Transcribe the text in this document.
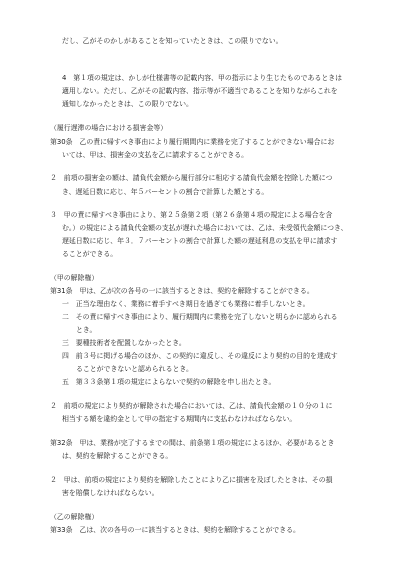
だし、乙がそのかしがあることを知っていたときは、この限りでない。
4　第１項の規定は、かしが仕様書等の記載内容、甲の指示により生じたものであるときは
適用しない。ただし、乙がその記載内容、指示等が不適当であることを知りながらこれを
通知しなかったときは、この限りでない。
（履行遅滞の場合における損害金等）
第30条　乙の責に帰すべき事由により履行期間内に業務を完了することができない場合にお
いては、甲は、損害金の支払を乙に請求することができる。
２　前項の損害金の額は、請負代金額から履行部分に相応する請負代金額を控除した額につ
き、遅延日数に応じ、年５パーセントの割合で計算した額とする。
３　甲の責に帰すべき事由により、第２５条第２項（第２６条第４項の規定による場合を含
む。）の規定による請負代金額の支払が遅れた場合においては、乙は、未受領代金額につき、
遅延日数に応じ、年３．７パーセントの割合で計算した額の遅延利息の支払を甲に請求す
ることができる。
（甲の解除権）
第31条　甲は、乙が次の各号の一に該当するときは、契約を解除することができる。
一　正当な理由なく、業務に着手すべき期日を過ぎても業務に着手しないとき。
二　その責に帰すべき事由により、履行期間内に業務を完了しないと明らかに認められる
とき。
三　要種技術者を配置しなかったとき。
四　前３号に掲げる場合のほか、この契約に違反し、その違反により契約の目的を達成す
ることができないと認められるとき。
五　第３３条第１項の規定によらないで契約の解除を申し出たとき。
２　前項の規定により契約が解除された場合においては、乙は、請負代金額の１０分の１に
相当する額を違約金として甲の指定する期間内に支払わなければならない。
第32条　甲は、業務が完了するまでの間は、前条第１項の規定によるほか、必要があるとき
は、契約を解除することができる。
２　甲は、前項の規定により契約を解除したことにより乙に損害を及ぼしたときは、その損
害を賠償しなければならない。
（乙の解除権）
第33条　乙は、次の各号の一に該当するときは、契約を解除することができる。
